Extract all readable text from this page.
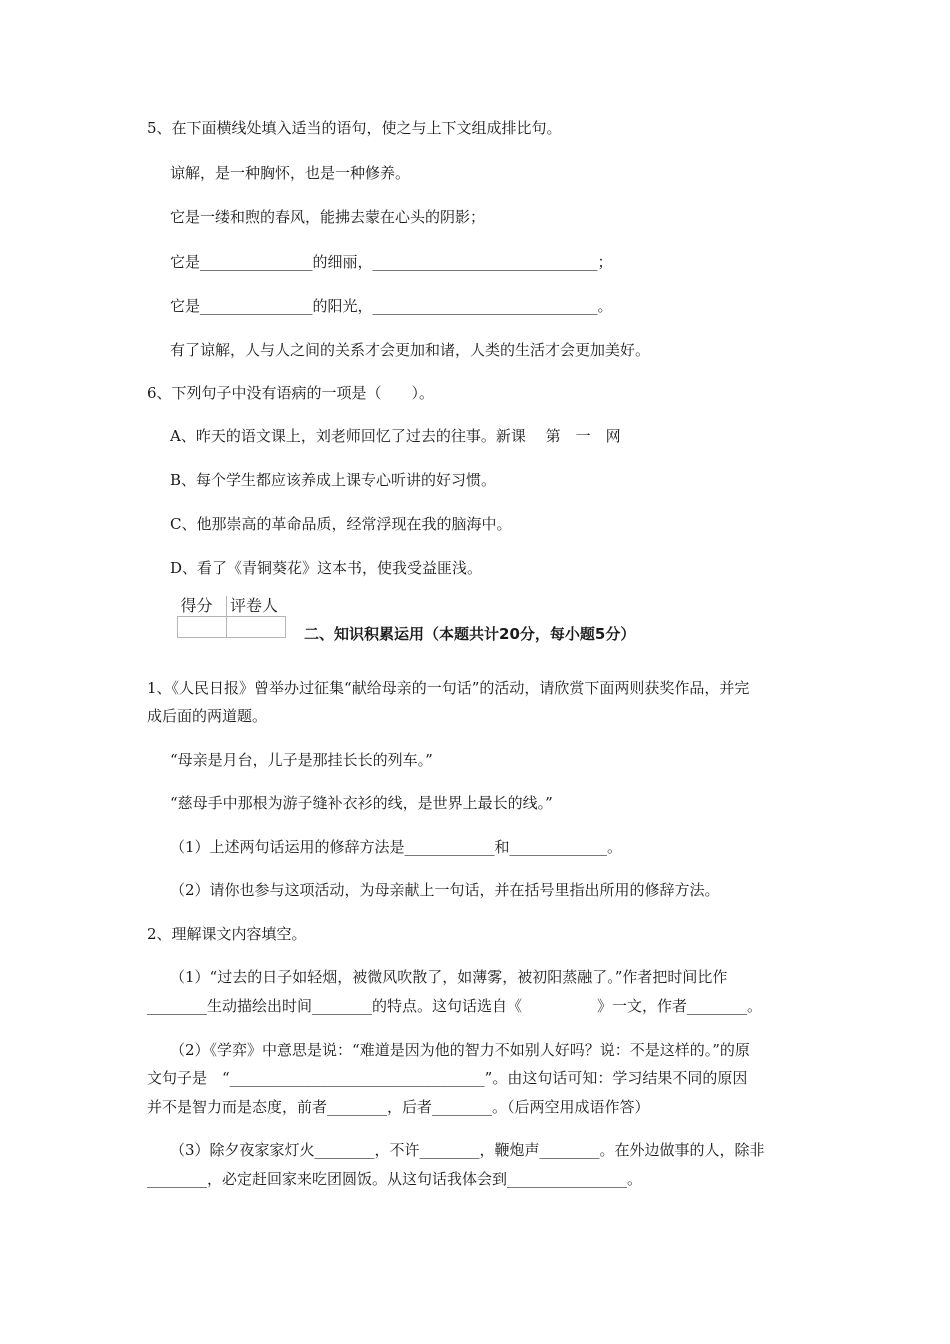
5、在下面横线处填入适当的语句，使之与上下文组成排比句。
谅解，是一种胸怀，也是一种修养。
它是一缕和煦的春风，能拂去蒙在心头的阴影；
它是_______________的细丽，______________________________；
它是_______________的阳光，______________________________。
有了谅解，人与人之间的关系才会更加和诸，人类的生活才会更加美好。
6、下列句子中没有语病的一项是（　　）。
A、昨天的语文课上，刘老师回忆了过去的往事。新课　 第　一　网
B、每个学生都应该养成上课专心听讲的好习惯。
C、他那崇高的革命品质，经常浮现在我的脑海中。
D、看了《青铜葵花》这本书，使我受益匪浅。
得分	评卷人

二、知识积累运用（本题共计20分，每小题5分）
1、《人民日报》曾举办过征集“献给母亲的一句话”的活动，请欣赏下面两则获奖作品，并完
成后面的两道题。
“母亲是月台，儿子是那挂长长的列车。”
“慈母手中那根为游子缝补衣衫的线，是世界上最长的线。”
（1）上述两句话运用的修辞方法是____________和_____________。
（2）请你也参与这项活动，为母亲献上一句话，并在括号里指出所用的修辞方法。
2、理解课文内容填空。
（1）“过去的日子如轻烟，被微风吹散了，如薄雾，被初阳蒸融了。”作者把时间比作
________生动描绘出时间________的特点。这句话选自《　　　　　》一文，作者________。
（2）《学弈》中意思是说：“难道是因为他的智力不如别人好吗？说：不是这样的。”的原
文句子是　“__________________________________”。由这句话可知：学习结果不同的原因
并不是智力而是态度，前者________，后者________。（后两空用成语作答）
（3）除夕夜家家灯火________，不许________，鞭炮声________。在外边做事的人，除非
________，必定赶回家来吃团圆饭。从这句话我体会到________________。
